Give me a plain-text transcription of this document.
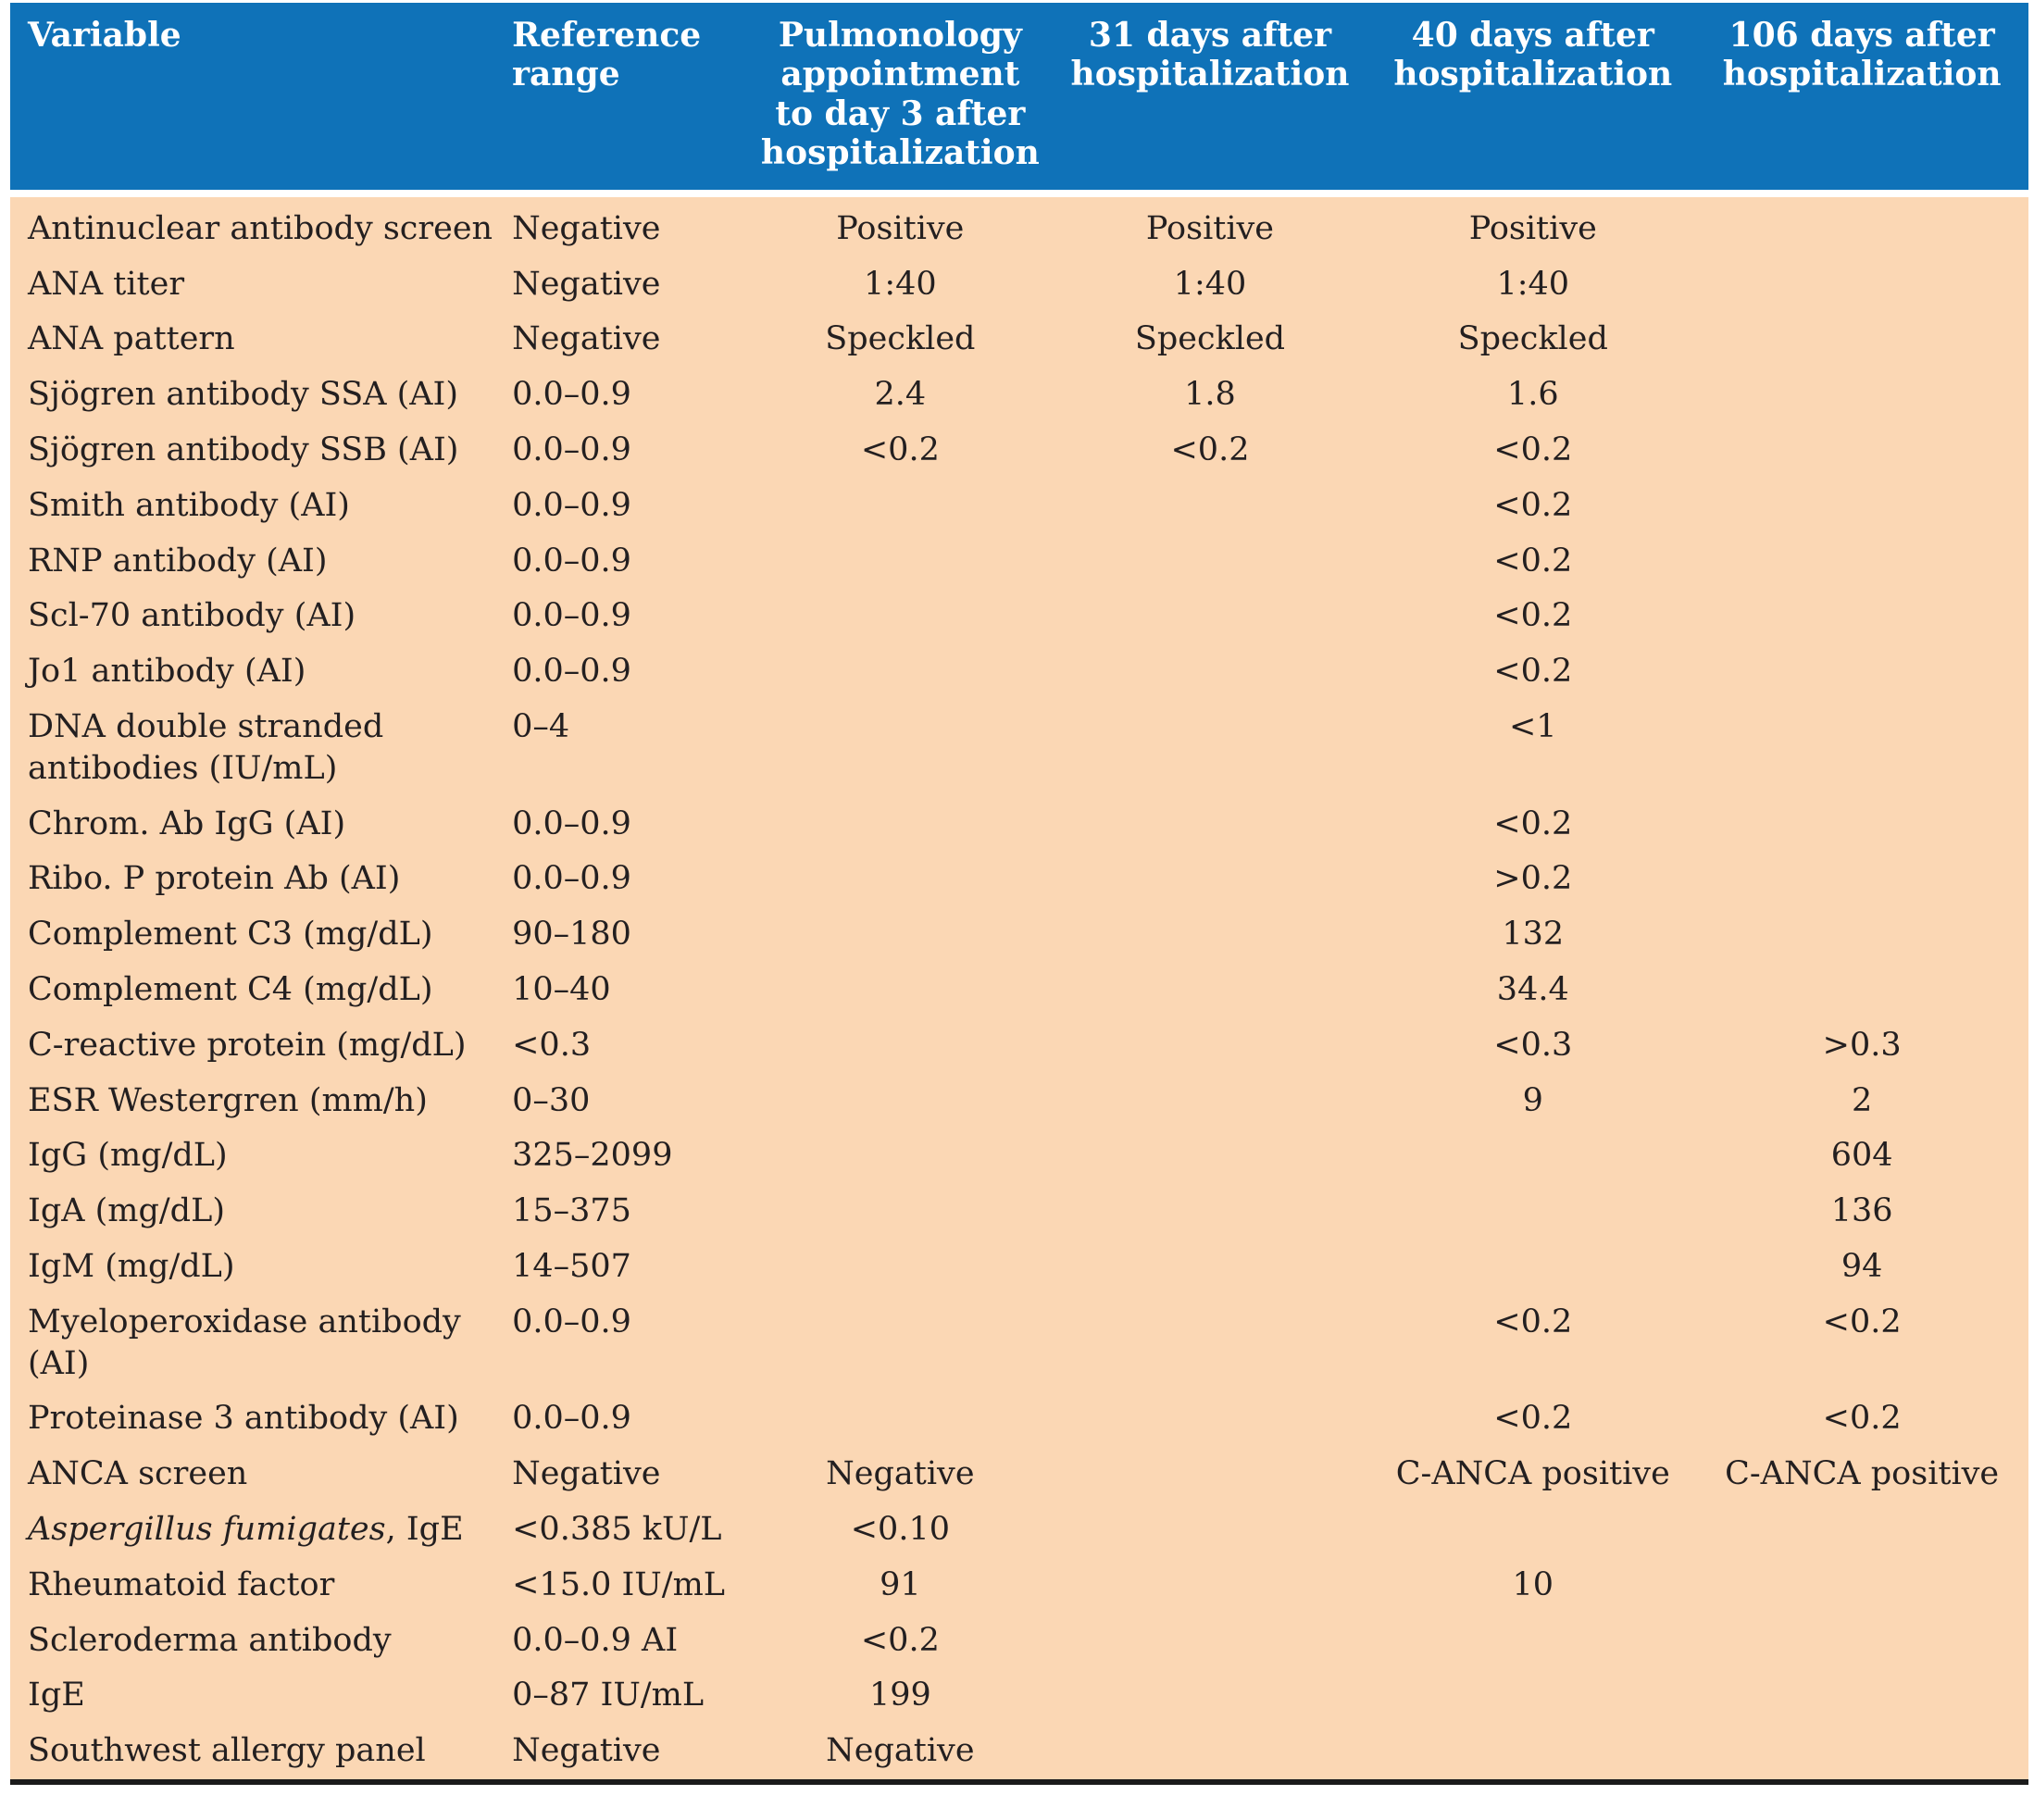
Variable	Reference range	Pulmonology appointment to day 3 after hospitalization	31 days after hospitalization	40 days after hospitalization	106 days after hospitalization
Antinuclear antibody screen	Negative	Positive	Positive	Positive	
ANA titer	Negative	1:40	1:40	1:40	
ANA pattern	Negative	Speckled	Speckled	Speckled	
Sjögren antibody SSA (AI)	0.0–0.9	2.4	1.8	1.6	
Sjögren antibody SSB (AI)	0.0–0.9	<0.2	<0.2	<0.2	
Smith antibody (AI)	0.0–0.9			<0.2	
RNP antibody (AI)	0.0–0.9			<0.2	
Scl-70 antibody (AI)	0.0–0.9			<0.2	
Jo1 antibody (AI)	0.0–0.9			<0.2	
DNA double stranded antibodies (IU/mL)	0–4			<1	
Chrom. Ab IgG (AI)	0.0–0.9			<0.2	
Ribo. P protein Ab (AI)	0.0–0.9			>0.2	
Complement C3 (mg/dL)	90–180			132	
Complement C4 (mg/dL)	10–40			34.4	
C-reactive protein (mg/dL)	<0.3			<0.3	>0.3
ESR Westergren (mm/h)	0–30			9	2
IgG (mg/dL)	325–2099				604
IgA (mg/dL)	15–375				136
IgM (mg/dL)	14–507				94
Myeloperoxidase antibody (AI)	0.0–0.9			<0.2	<0.2
Proteinase 3 antibody (AI)	0.0–0.9			<0.2	<0.2
ANCA screen	Negative	Negative		C-ANCA positive	C-ANCA positive
Aspergillus fumigates, IgE	<0.385 kU/L	<0.10			
Rheumatoid factor	<15.0 IU/mL	91		10	
Scleroderma antibody	0.0–0.9 AI	<0.2			
IgE	0–87 IU/mL	199			
Southwest allergy panel	Negative	Negative			
